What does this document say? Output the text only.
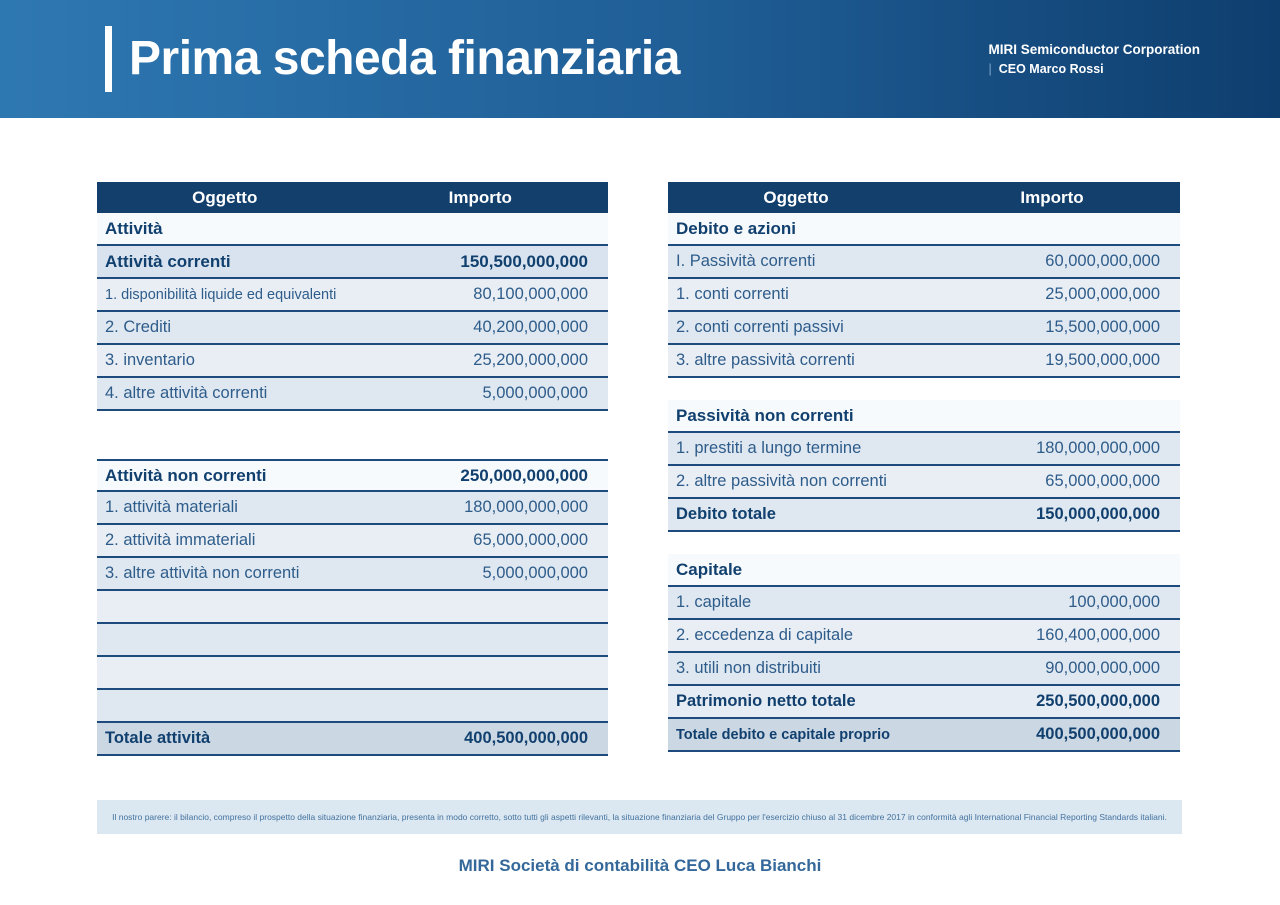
Prima scheda finanziaria	MIRI Semiconductor Corporation
| CEO Marco Rossi
Oggetto	Importo
Attività
Attività correnti	150,500,000,000
1. disponibilità liquide ed equivalenti	80,100,000,000
2. Crediti	40,200,000,000
3. inventario	25,200,000,000
4. altre attività correnti	5,000,000,000
Attività non correnti	250,000,000,000
1. attività materiali	180,000,000,000
2. attività immateriali	65,000,000,000
3. altre attività non correnti	5,000,000,000
Totale attività	400,500,000,000
Oggetto	Importo
Debito e azioni
I. Passività correnti	60,000,000,000
1. conti correnti	25,000,000,000
2. conti correnti passivi	15,500,000,000
3. altre passività correnti	19,500,000,000
Passività non correnti
1. prestiti a lungo termine	180,000,000,000
2. altre passività non correnti	65,000,000,000
Debito totale	150,000,000,000
Capitale
1. capitale	100,000,000
2. eccedenza di capitale	160,400,000,000
3. utili non distribuiti	90,000,000,000
Patrimonio netto totale	250,500,000,000
Totale debito e capitale proprio	400,500,000,000
Il nostro parere: il bilancio, compreso il prospetto della situazione finanziaria, presenta in modo corretto, sotto tutti gli aspetti rilevanti, la situazione finanziaria del Gruppo per l'esercizio chiuso al 31 dicembre 2017 in conformità agli International Financial Reporting Standards italiani.
MIRI Società di contabilità CEO Luca Bianchi
